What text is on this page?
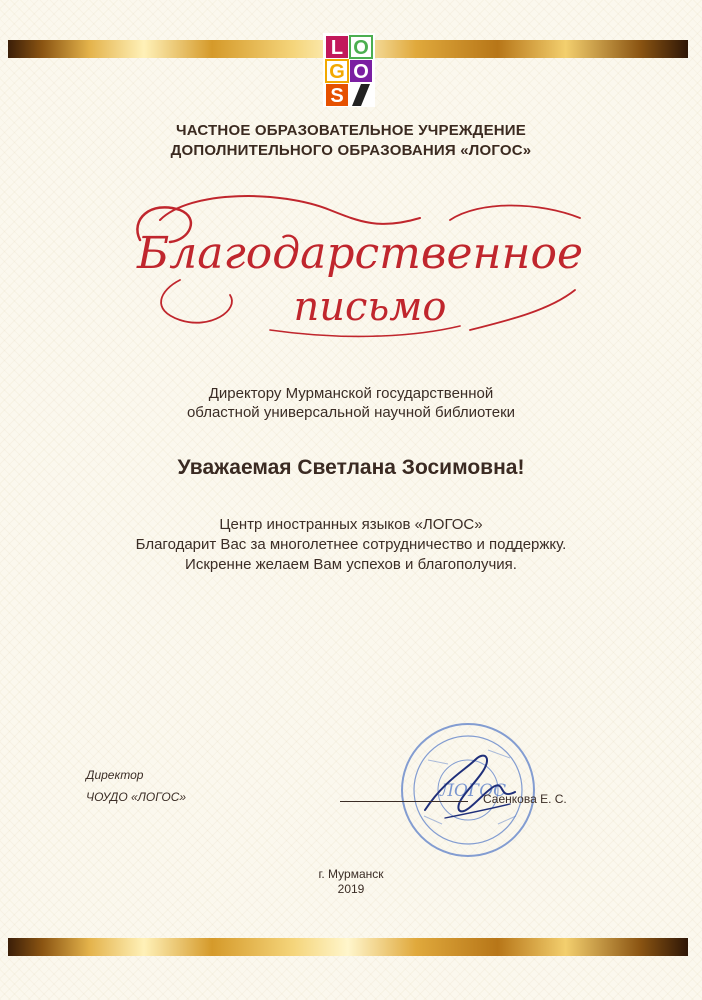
L O
G O
S
ЧАСТНОЕ ОБРАЗОВАТЕЛЬНОЕ УЧРЕЖДЕНИЕ
ДОПОЛНИТЕЛЬНОГО ОБРАЗОВАНИЯ «ЛОГОС»
Благодарственное
письмо
Директору Мурманской государственной
областной универсальной научной библиотеки
Уважаемая Светлана Зосимовна!
Центр иностранных языков «ЛОГОС»
Благодарит Вас за многолетнее сотрудничество и поддержку.
Искренне желаем Вам успехов и благополучия.
Директор
ЧОУДО «ЛОГОС»	ЛОГОС
Саенкова Е. С.
г. Мурманск
2019
